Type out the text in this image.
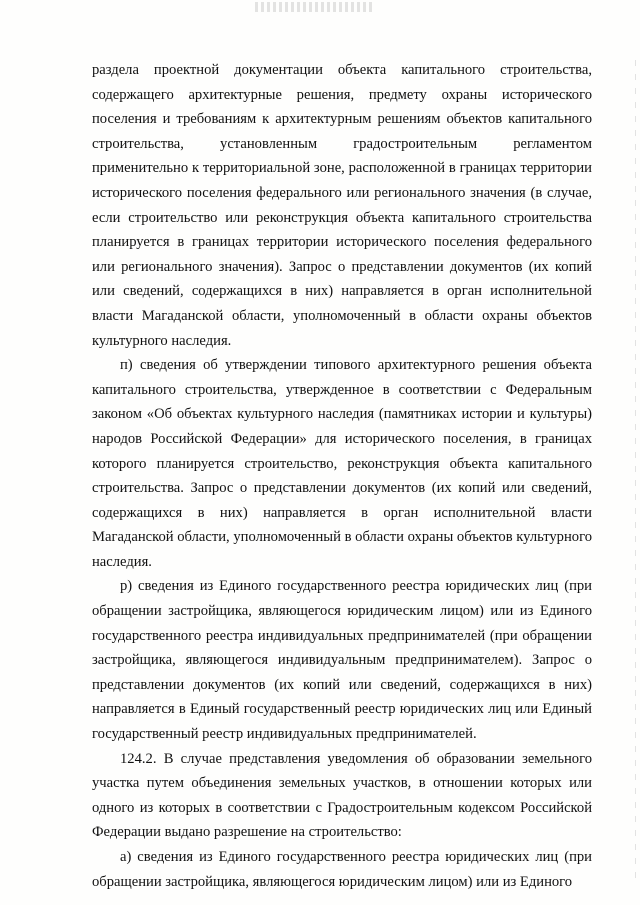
раздела проектной документации объекта капитального строительства, содержащего архитектурные решения, предмету охраны исторического поселения и требованиям к архитектурным решениям объектов капитального строительства, установленным градостроительным регламентом применительно к территориальной зоне, расположенной в границах территории исторического поселения федерального или регионального значения (в случае, если строительство или реконструкция объекта капитального строительства планируется в границах территории исторического поселения федерального или регионального значения). Запрос о представлении документов (их копий или сведений, содержащихся в них) направляется в орган исполнительной власти Магаданской области, уполномоченный в области охраны объектов культурного наследия.

п) сведения об утверждении типового архитектурного решения объекта капитального строительства, утвержденное в соответствии с Федеральным законом «Об объектах культурного наследия (памятниках истории и культуры) народов Российской Федерации» для исторического поселения, в границах которого планируется строительство, реконструкция объекта капитального строительства. Запрос о представлении документов (их копий или сведений, содержащихся в них) направляется в орган исполнительной власти Магаданской области, уполномоченный в области охраны объектов культурного наследия.

р) сведения из Единого государственного реестра юридических лиц (при обращении застройщика, являющегося юридическим лицом) или из Единого государственного реестра индивидуальных предпринимателей (при обращении застройщика, являющегося индивидуальным предпринимателем). Запрос о представлении документов (их копий или сведений, содержащихся в них) направляется в Единый государственный реестр юридических лиц или Единый государственный реестр индивидуальных предпринимателей.

124.2. В случае представления уведомления об образовании земельного участка путем объединения земельных участков, в отношении которых или одного из которых в соответствии с Градостроительным кодексом Российской Федерации выдано разрешение на строительство:

а) сведения из Единого государственного реестра юридических лиц (при обращении застройщика, являющегося юридическим лицом) или из Единого
